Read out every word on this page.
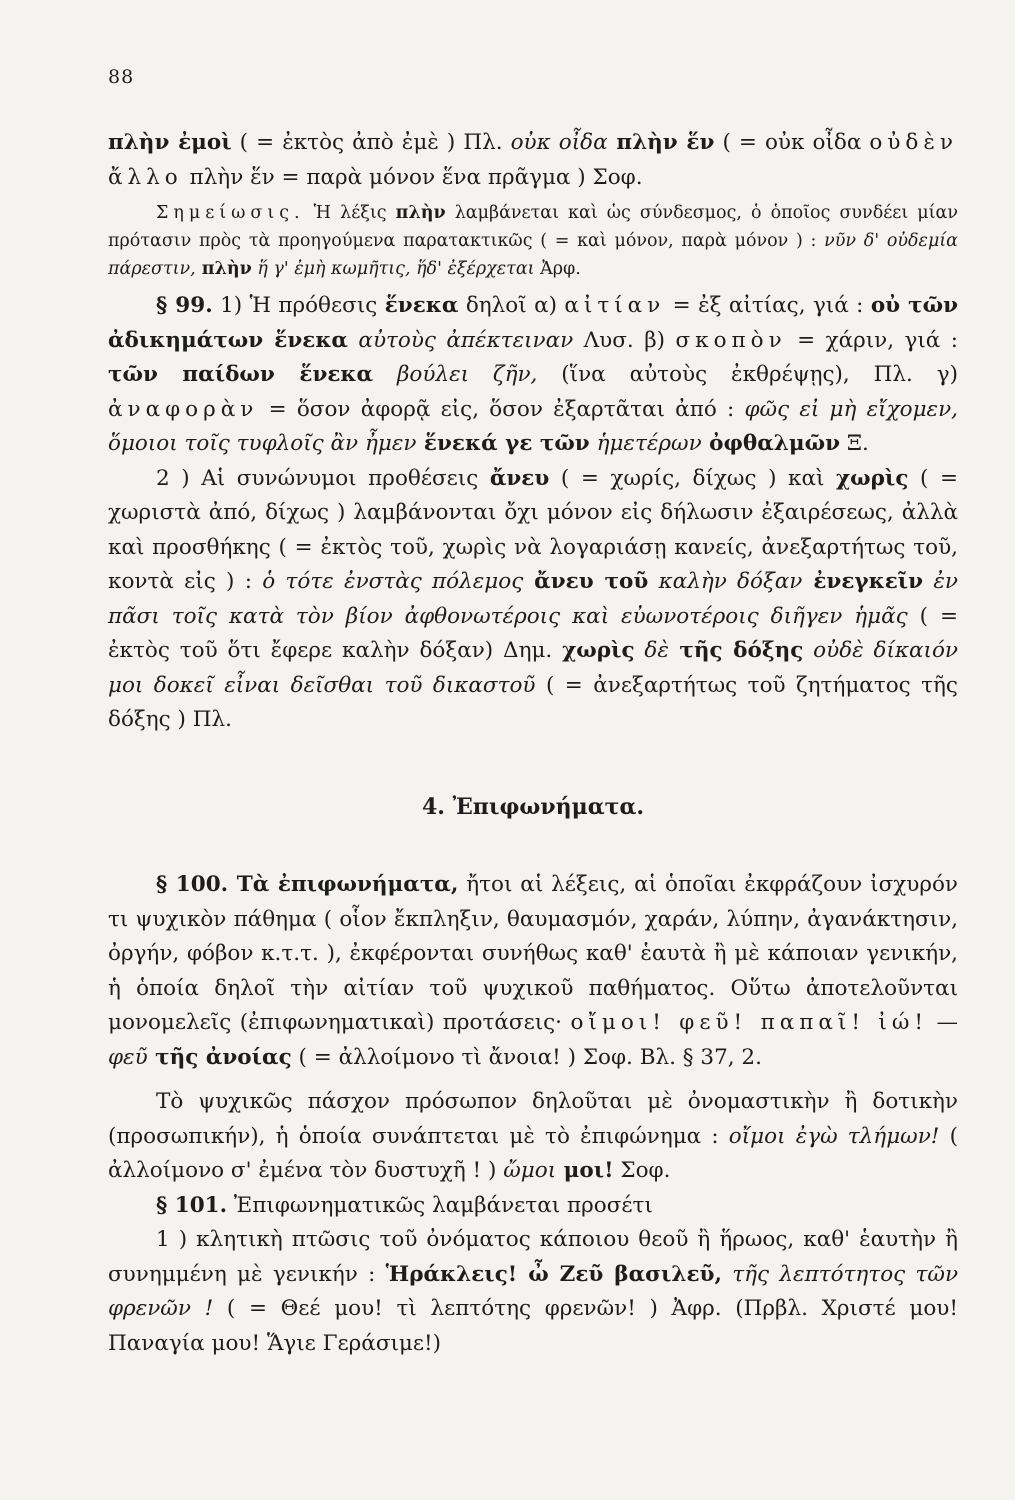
88

πλὴν ἐμοὶ ( = ἐκτὸς ἀπὸ ἐμὲ ) Πλ. οὐκ οἶδα πλὴν ἕν ( = οὐκ οἶδα οὐδὲν ἄλλο πλὴν ἕν = παρὰ μόνον ἕνα πρᾶγμα ) Σοφ.

Σημείωσις. Ἡ λέξις πλὴν λαμβάνεται καὶ ὡς σύνδεσμος, ὁ ὁποῖος συνδέει μίαν πρότασιν πρὸς τὰ προηγούμενα παρατακτικῶς ( = καὶ μόνον, παρὰ μόνον ) : νῦν δ' οὐδεμία πάρεστιν, πλὴν ἥ γ' ἐμὴ κωμῆτις, ἥδ' ἐξέρχεται Ἀρφ.

§ 99. 1) Ἡ πρόθεσις ἕνεκα δηλοῖ α) αἰτίαν = ἐξ αἰτίας, γιά : οὐ τῶν ἀδικημάτων ἕνεκα αὐτοὺς ἀπέκτειναν Λυσ. β) σκοπὸν = χάριν, γιά : τῶν παίδων ἕνεκα βούλει ζῆν, (ἵνα αὐτοὺς ἐκθρέψῃς), Πλ. γ) ἀναφορὰν = ὅσον ἀφορᾷ εἰς, ὅσον ἐξαρτᾶται ἀπό : φῶς εἰ μὴ εἴχομεν, ὅμοιοι τοῖς τυφλοῖς ἂν ἦμεν ἕνεκά γε τῶν ἡμετέρων ὀφθαλμῶν Ξ.

2 ) Αἱ συνώνυμοι προθέσεις ἄνευ ( = χωρίς, δίχως ) καὶ χωρὶς ( = χωριστὰ ἀπό, δίχως ) λαμβάνονται ὄχι μόνον εἰς δήλωσιν ἐξαιρέσεως, ἀλλὰ καὶ προσθήκης ( = ἐκτὸς τοῦ, χωρὶς νὰ λογαριάσῃ κανείς, ἀνεξαρτήτως τοῦ, κοντὰ εἰς ) : ὁ τότε ἐνστὰς πόλεμος ἄνευ τοῦ καλὴν δόξαν ἐνεγκεῖν ἐν πᾶσι τοῖς κατὰ τὸν βίον ἀφθονωτέροις καὶ εὐωνοτέροις διῆγεν ἡμᾶς ( = ἐκτὸς τοῦ ὅτι ἔφερε καλὴν δόξαν) Δημ. χωρὶς δὲ τῆς δόξης οὐδὲ δίκαιόν μοι δοκεῖ εἶναι δεῖσθαι τοῦ δικαστοῦ ( = ἀνεξαρτήτως τοῦ ζητήματος τῆς δόξης ) Πλ.

4. Ἐπιφωνήματα.

§ 100. Τὰ ἐπιφωνήματα, ἤτοι αἱ λέξεις, αἱ ὁποῖαι ἐκφράζουν ἰσχυρόν τι ψυχικὸν πάθημα ( οἷον ἔκπληξιν, θαυμασμόν, χαράν, λύπην, ἀγανάκτησιν, ὀργήν, φόβον κ.τ.τ. ), ἐκφέρονται συνήθως καθ' ἑαυτὰ ἢ μὲ κάποιαν γενικήν, ἡ ὁποία δηλοῖ τὴν αἰτίαν τοῦ ψυχικοῦ παθήματος. Οὕτω ἀποτελοῦνται μονομελεῖς (ἐπιφωνηματικαὶ) προτάσεις· οἴμοι! φεῦ! παπαῖ! ἰώ! — φεῦ τῆς ἀνοίας ( = ἀλλοίμονο τὶ ἄνοια! ) Σοφ. Βλ. § 37, 2.

Τὸ ψυχικῶς πάσχον πρόσωπον δηλοῦται μὲ ὀνομαστικὴν ἢ δοτικὴν (προσωπικήν), ἡ ὁποία συνάπτεται μὲ τὸ ἐπιφώνημα : οἴμοι ἐγὼ τλήμων! ( ἀλλοίμονο σ' ἐμένα τὸν δυστυχῆ ! ) ὤμοι μοι! Σοφ.

§ 101. Ἐπιφωνηματικῶς λαμβάνεται προσέτι

1 ) κλητικὴ πτῶσις τοῦ ὀνόματος κάποιου θεοῦ ἢ ἥρωος, καθ' ἑαυτὴν ἢ συνημμένη μὲ γενικήν : Ἡράκλεις! ὦ Ζεῦ βασιλεῦ, τῆς λεπτότητος τῶν φρενῶν ! ( = Θεέ μου! τὶ λεπτότης φρενῶν! ) Ἀφρ. (Πρβλ. Χριστέ μου! Παναγία μου! Ἅγιε Γεράσιμε!)
